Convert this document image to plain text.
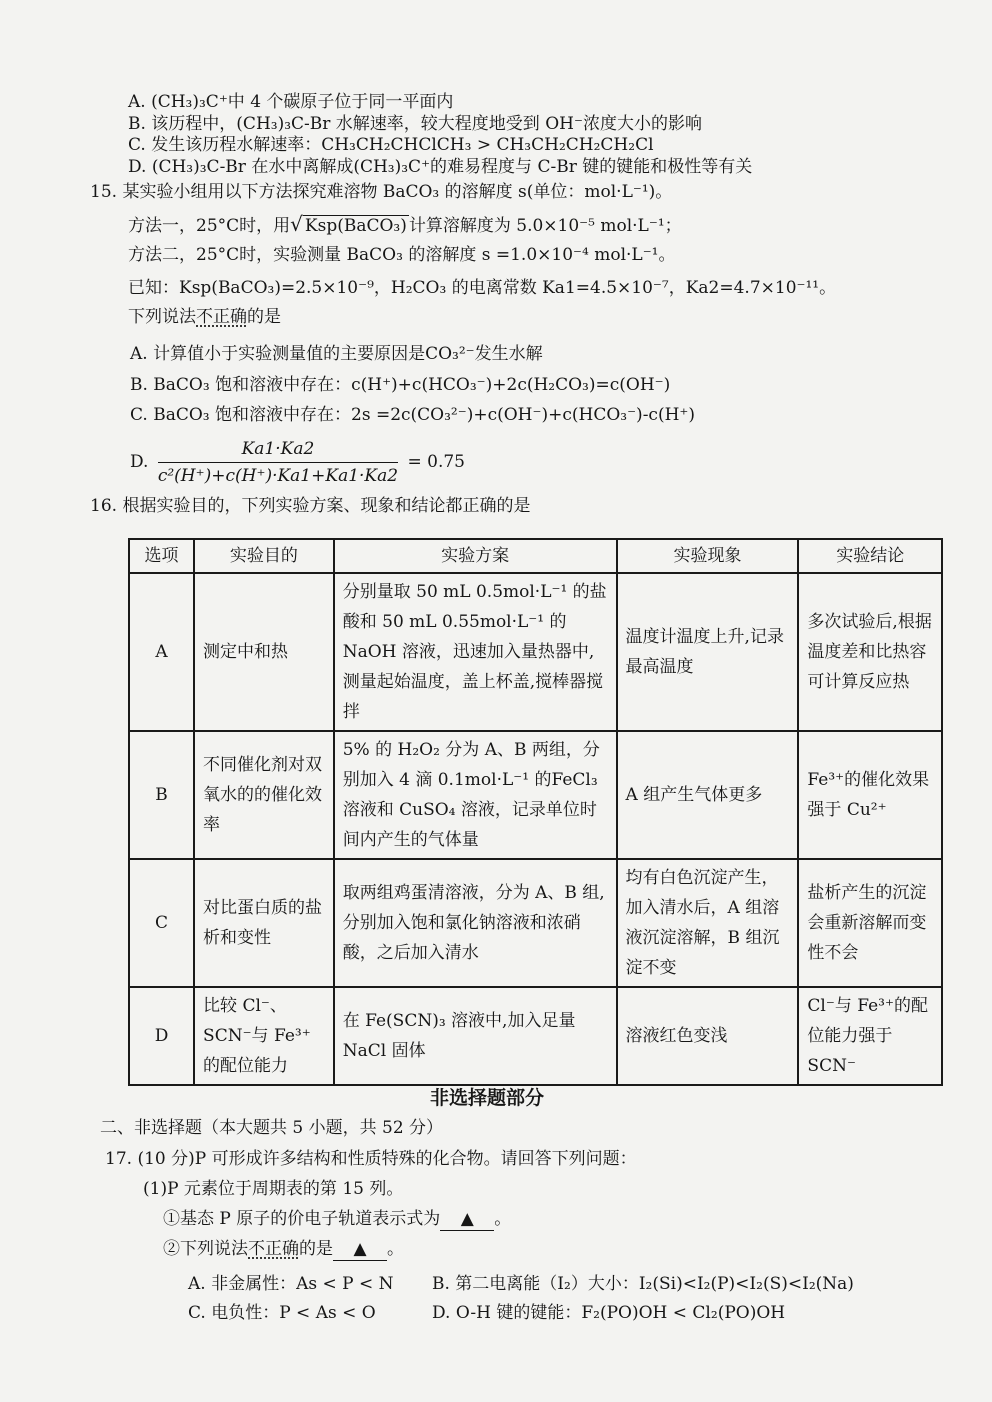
A. (CH₃)₃C⁺中 4 个碳原子位于同一平面内
B. 该历程中，(CH₃)₃C-Br 水解速率，较大程度地受到 OH⁻浓度大小的影响
C. 发生该历程水解速率：CH₃CH₂CHClCH₃ > CH₃CH₂CH₂CH₂Cl
D. (CH₃)₃C-Br 在水中离解成(CH₃)₃C⁺的难易程度与 C-Br 键的键能和极性等有关
15. 某实验小组用以下方法探究难溶物 BaCO₃ 的溶解度 s(单位：mol·L⁻¹)。
方法一，25°C时，用√ Ksp(BaCO₃) 计算溶解度为 5.0×10⁻⁵ mol·L⁻¹；
方法二，25°C时，实验测量 BaCO₃ 的溶解度 s =1.0×10⁻⁴ mol·L⁻¹。
已知：Ksp(BaCO₃)=2.5×10⁻⁹，H₂CO₃ 的电离常数 Ka1=4.5×10⁻⁷，Ka2=4.7×10⁻¹¹。
下列说法不正确的是
A. 计算值小于实验测量值的主要原因是CO₃²⁻发生水解
B. BaCO₃ 饱和溶液中存在：c(H⁺)+c(HCO₃⁻)+2c(H₂CO₃)=c(OH⁻)
C. BaCO₃ 饱和溶液中存在：2s =2c(CO₃²⁻)+c(OH⁻)+c(HCO₃⁻)-c(H⁺)
D. $\frac{Ka1\cdot Ka2}{\text{c²(H⁺)+c(H⁺)·Ka1+Ka1·Ka2}} = 0.75$
16. 根据实验目的，下列实验方案、现象和结论都正确的是
选项	实验目的	实验方案	实验现象	实验结论
A	测定中和热	分别量取 50 mL 0.5mol·L⁻¹ 的盐酸和 50 mL 0.55mol·L⁻¹ 的NaOH 溶液，迅速加入量热器中,测量起始温度，盖上杯盖,搅棒器搅拌	温度计温度上升,记录最高温度	多次试验后,根据温度差和比热容可计算反应热
B	不同催化剂对双氧水的的催化效率	5% 的 H₂O₂ 分为 A、B 两组，分别加入 4 滴 0.1mol·L⁻¹ 的FeCl₃ 溶液和 CuSO₄ 溶液，记录单位时间内产生的气体量	A 组产生气体更多	Fe³⁺的催化效果强于 Cu²⁺
C	对比蛋白质的盐析和变性	取两组鸡蛋清溶液，分为 A、B 组,分别加入饱和氯化钠溶液和浓硝酸，之后加入清水	均有白色沉淀产生，加入清水后，A 组溶液沉淀溶解，B 组沉淀不变	盐析产生的沉淀会重新溶解而变性不会
D	比较 Cl⁻、SCN⁻与 Fe³⁺的配位能力	在 Fe(SCN)₃ 溶液中,加入足量 NaCl 固体	溶液红色变浅	Cl⁻与 Fe³⁺的配位能力强于 SCN⁻
非选择题部分
二、非选择题（本大题共 5 小题，共 52 分）
17. (10 分)P 可形成许多结构和性质特殊的化合物。请回答下列问题：
(1)P 元素位于周期表的第 15 列。
①基态 P 原子的价电子轨道表示式为 ▲ 。
②下列说法不正确的是 ▲ 。
A. 非金属性：As < P < N B. 第二电离能（I₂）大小：I₂(Si)<I₂(P)<I₂(S)<I₂(Na)
C. 电负性：P < As < O	D. O-H 键的键能：F₂(PO)OH < Cl₂(PO)OH
